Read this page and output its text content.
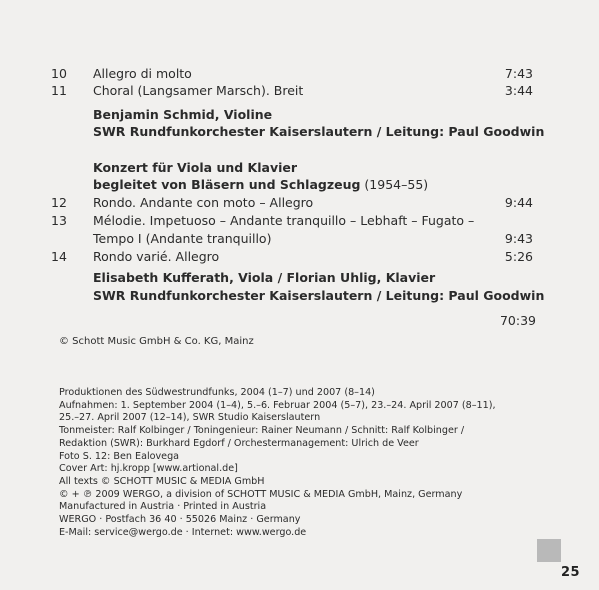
10 Allegro di molto	7:43
11 Choral (Langsamer Marsch). Breit	3:44
Benjamin Schmid, Violine
SWR Rundfunkorchester Kaiserslautern / Leitung: Paul Goodwin
Konzert für Viola und Klavier
begleitet von Bläsern und Schlagzeug (1954–55)
12 Rondo. Andante con moto – Allegro	9:44
13 Mélodie. Impetuoso – Andante tranquillo – Lebhaft – Fugato –
Tempo I (Andante tranquillo)	9:43
14 Rondo varié. Allegro	5:26
Elisabeth Kufferath, Viola / Florian Uhlig, Klavier
SWR Rundfunkorchester Kaiserslautern / Leitung: Paul Goodwin
70:39
© Schott Music GmbH & Co. KG, Mainz
Produktionen des Südwestrundfunks, 2004 (1–7) und 2007 (8–14)
Aufnahmen: 1. September 2004 (1–4), 5.–6. Februar 2004 (5–7), 23.–24. April 2007 (8–11),
25.–27. April 2007 (12–14), SWR Studio Kaiserslautern
Tonmeister: Ralf Kolbinger / Toningenieur: Rainer Neumann / Schnitt: Ralf Kolbinger /
Redaktion (SWR): Burkhard Egdorf / Orchestermanagement: Ulrich de Veer
Foto S. 12: Ben Ealovega
Cover Art: hj.kropp [www.artional.de]
All texts © SCHOTT MUSIC & MEDIA GmbH
© + ℗ 2009 WERGO, a division of SCHOTT MUSIC & MEDIA GmbH, Mainz, Germany
Manufactured in Austria · Printed in Austria
WERGO · Postfach 36 40 · 55026 Mainz · Germany
E-Mail: service@wergo.de · Internet: www.wergo.de
25
